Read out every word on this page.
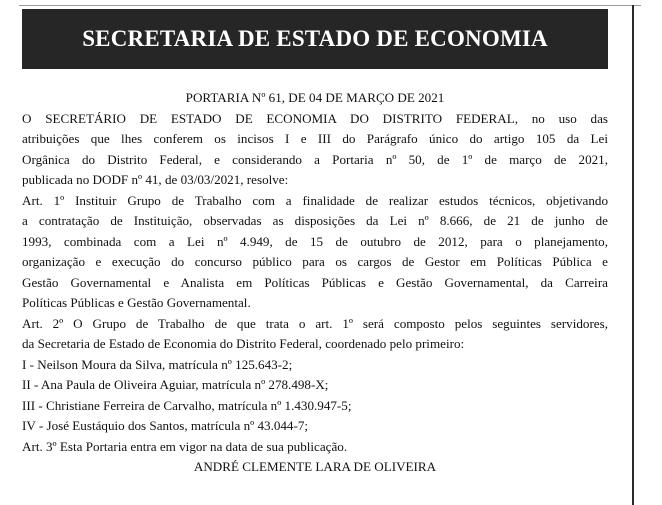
SECRETARIA DE ESTADO DE ECONOMIA
PORTARIA Nº 61, DE 04 DE MARÇO DE 2021
O SECRETÁRIO DE ESTADO DE ECONOMIA DO DISTRITO FEDERAL, no uso das
atribuições que lhes conferem os incisos I e III do Parágrafo único do artigo 105 da Lei
Orgânica do Distrito Federal, e considerando a Portaria nº 50, de 1º de março de 2021,
publicada no DODF nº 41, de 03/03/2021, resolve:
Art. 1º Instituir Grupo de Trabalho com a finalidade de realizar estudos técnicos, objetivando
a contratação de Instituição, observadas as disposições da Lei nº 8.666, de 21 de junho de
1993, combinada com a Lei nº 4.949, de 15 de outubro de 2012, para o planejamento,
organização e execução do concurso público para os cargos de Gestor em Políticas Pública e
Gestão Governamental e Analista em Políticas Públicas e Gestão Governamental, da Carreira
Políticas Públicas e Gestão Governamental.
Art. 2º O Grupo de Trabalho de que trata o art. 1º será composto pelos seguintes servidores,
da Secretaria de Estado de Economia do Distrito Federal, coordenado pelo primeiro:
I - Neilson Moura da Silva, matrícula nº 125.643-2;
II - Ana Paula de Oliveira Aguiar, matrícula nº 278.498-X;
III - Christiane Ferreira de Carvalho, matrícula nº 1.430.947-5;
IV - José Eustáquio dos Santos, matrícula nº 43.044-7;
Art. 3º Esta Portaria entra em vigor na data de sua publicação.
ANDRÉ CLEMENTE LARA DE OLIVEIRA
